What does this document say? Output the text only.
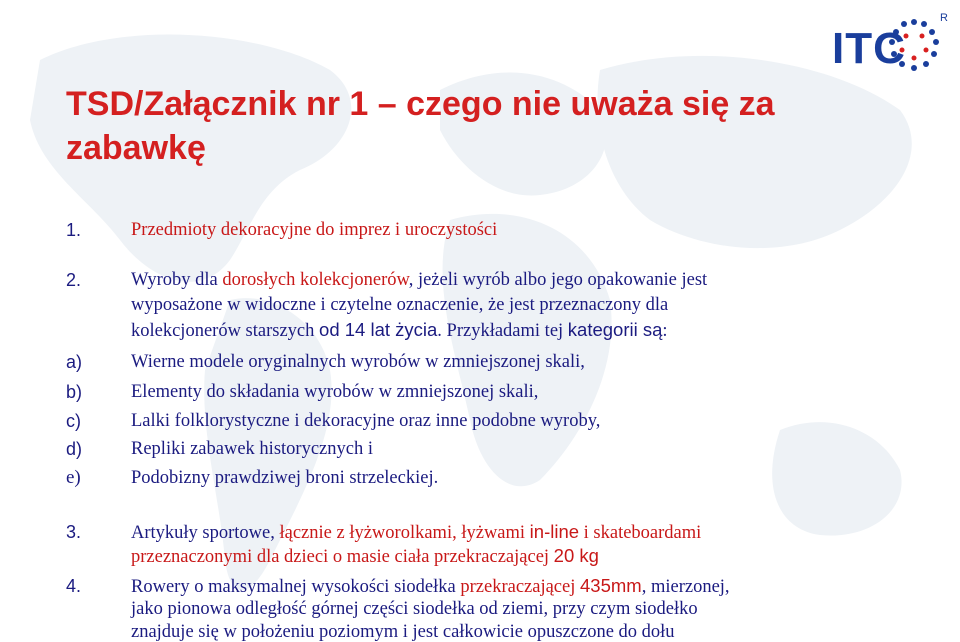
ITC
R
TSD/Załącznik nr 1 – czego nie uważa się za zabawkę
1.	Przedmioty dekoracyjne do imprez i uroczystości
2.	Wyroby dla dorosłych kolekcjonerów, jeżeli wyrób albo jego opakowanie jest
wyposażone w widoczne i czytelne oznaczenie, że jest przeznaczony dla
kolekcjonerów starszych od 14 lat życia. Przykładami tej kategorii są:
a)	Wierne modele oryginalnych wyrobów w zmniejszonej skali,
b)	Elementy do składania wyrobów w zmniejszonej skali,
c)	Lalki folklorystyczne i dekoracyjne oraz inne podobne wyroby,
d)	Repliki zabawek historycznych i
e)	Podobizny prawdziwej broni strzeleckiej.
3.	Artykuły sportowe, łącznie z łyżworolkami, łyżwami in-line i skateboardami
przeznaczonymi dla dzieci o masie ciała przekraczającej 20 kg
4.	Rowery o maksymalnej wysokości siodełka przekraczającej 435mm, mierzonej,
jako pionowa odległość górnej części siodełka od ziemi, przy czym siodełko
znajduje się w położeniu poziomym i jest całkowicie opuszczone do dołu
